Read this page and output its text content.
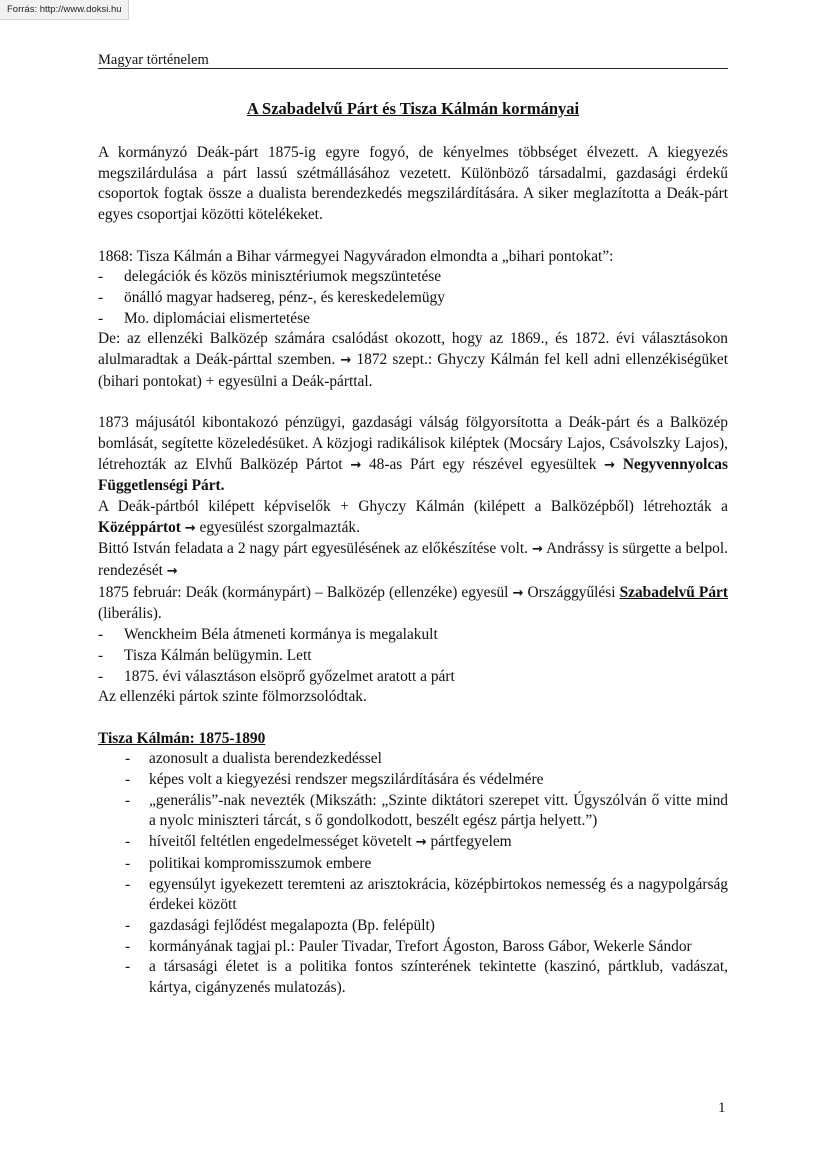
Forrás: http://www.doksi.hu
Magyar történelem
A Szabadelvű Párt és Tisza Kálmán kormányai

A kormányzó Deák-párt 1875-ig egyre fogyó, de kényelmes többséget élvezett. A kiegyezés megszilárdulása a párt lassú szétmállásához vezetett. Különböző társadalmi, gazdasági érdekű csoportok fogtak össze a dualista berendezkedés megszilárdítására. A siker meglazította a Deák-párt egyes csoportjai közötti kötelékeket.

1868: Tisza Kálmán a Bihar vármegyei Nagyváradon elmondta a „bihari pontokat”:

-	delegációk és közös minisztériumok megszüntetése
-	önálló magyar hadsereg, pénz-, és kereskedelemügy
-	Mo. diplomáciai elismertetése

De: az ellenzéki Balközép számára csalódást okozott, hogy az 1869., és 1872. évi választásokon alulmaradtak a Deák-párttal szemben. → 1872 szept.: Ghyczy Kálmán fel kell adni ellenzékiségüket (bihari pontokat) + egyesülni a Deák-párttal.

1873 májusától kibontakozó pénzügyi, gazdasági válság fölgyorsította a Deák-párt és a Balközép bomlását, segítette közeledésüket. A közjogi radikálisok kiléptek (Mocsáry Lajos, Csávolszky Lajos), létrehozták az Elvhű Balközép Pártot → 48-as Párt egy részével egyesültek → Negyvennyolcas Függetlenségi Párt.

A Deák-pártból kilépett képviselők + Ghyczy Kálmán (kilépett a Balközépből) létrehozták a Középpártot → egyesülést szorgalmazták.

Bittó István feladata a 2 nagy párt egyesülésének az előkészítése volt. → Andrássy is sürgette a belpol. rendezését →

1875 február: Deák (kormánypárt) – Balközép (ellenzéke) egyesül → Országgyűlési Szabadelvű Párt (liberális).

-	Wenckheim Béla átmeneti kormánya is megalakult
-	Tisza Kálmán belügymin. Lett
-	1875. évi választáson elsöprő győzelmet aratott a párt

Az ellenzéki pártok szinte fölmorzsolódtak.

Tisza Kálmán: 1875-1890

-	azonosult a dualista berendezkedéssel
-	képes volt a kiegyezési rendszer megszilárdítására és védelmére
-	„generális”-nak nevezték (Mikszáth: „Szinte diktátori szerepet vitt. Úgyszólván ő vitte mind a nyolc miniszteri tárcát, s ő gondolkodott, beszélt egész pártja helyett.”)
-	híveitől feltétlen engedelmességet követelt → pártfegyelem
-	politikai kompromisszumok embere
-	egyensúlyt igyekezett teremteni az arisztokrácia, középbirtokos nemesség és a nagypolgárság érdekei között
-	gazdasági fejlődést megalapozta (Bp. felépült)
-	kormányának tagjai pl.: Pauler Tivadar, Trefort Ágoston, Baross Gábor, Wekerle Sándor
-	a társasági életet is a politika fontos színterének tekintette (kaszinó, pártklub, vadászat, kártya, cigányzenés mulatozás).
1
